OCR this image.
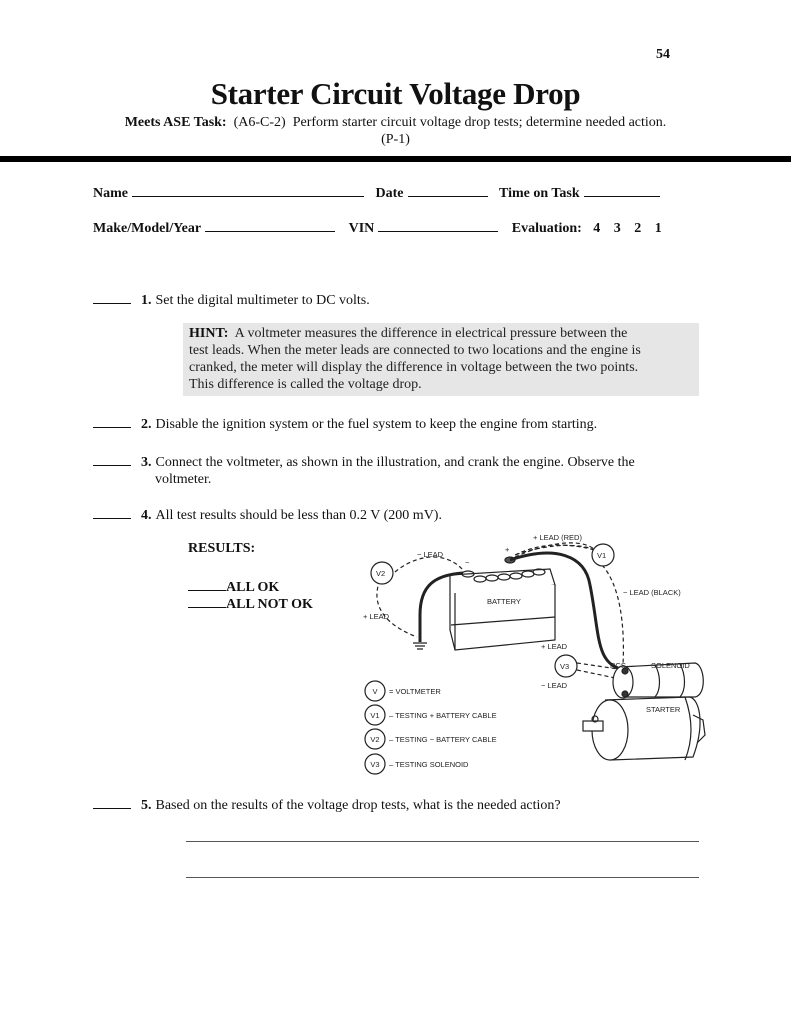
54
Starter Circuit Voltage Drop
Meets ASE Task: (A6-C-2) Perform starter circuit voltage drop tests; determine needed action.
(P-1)
Name	Date	Time on Task
Make/Model/Year	VIN	Evaluation: 4 3 2 1
1. Set the digital multimeter to DC volts.
HINT: A voltmeter measures the difference in electrical pressure between the
test leads. When the meter leads are connected to two locations and the engine is
cranked, the meter will display the difference in voltage between the two points.
This difference is called the voltage drop.
2. Disable the ignition system or the fuel system to keep the engine from starting.
3. Connect the voltmeter, as shown in the illustration, and crank the engine. Observe the
voltmeter.
4. All test results should be less than 0.2 V (200 mV).
RESULTS:
ALL OK
ALL NOT OK
+ LEAD (RED)
− LEAD
+ LEAD
− LEAD (BLACK)
BATTERY
+
−
V1
V2
V3
+ LEAD
− LEAD
RCS	SOLENOID
STARTER
V = VOLTMETER
V1 – TESTING + BATTERY CABLE
V2 – TESTING − BATTERY CABLE
V3 – TESTING SOLENOID
5. Based on the results of the voltage drop tests, what is the needed action?
